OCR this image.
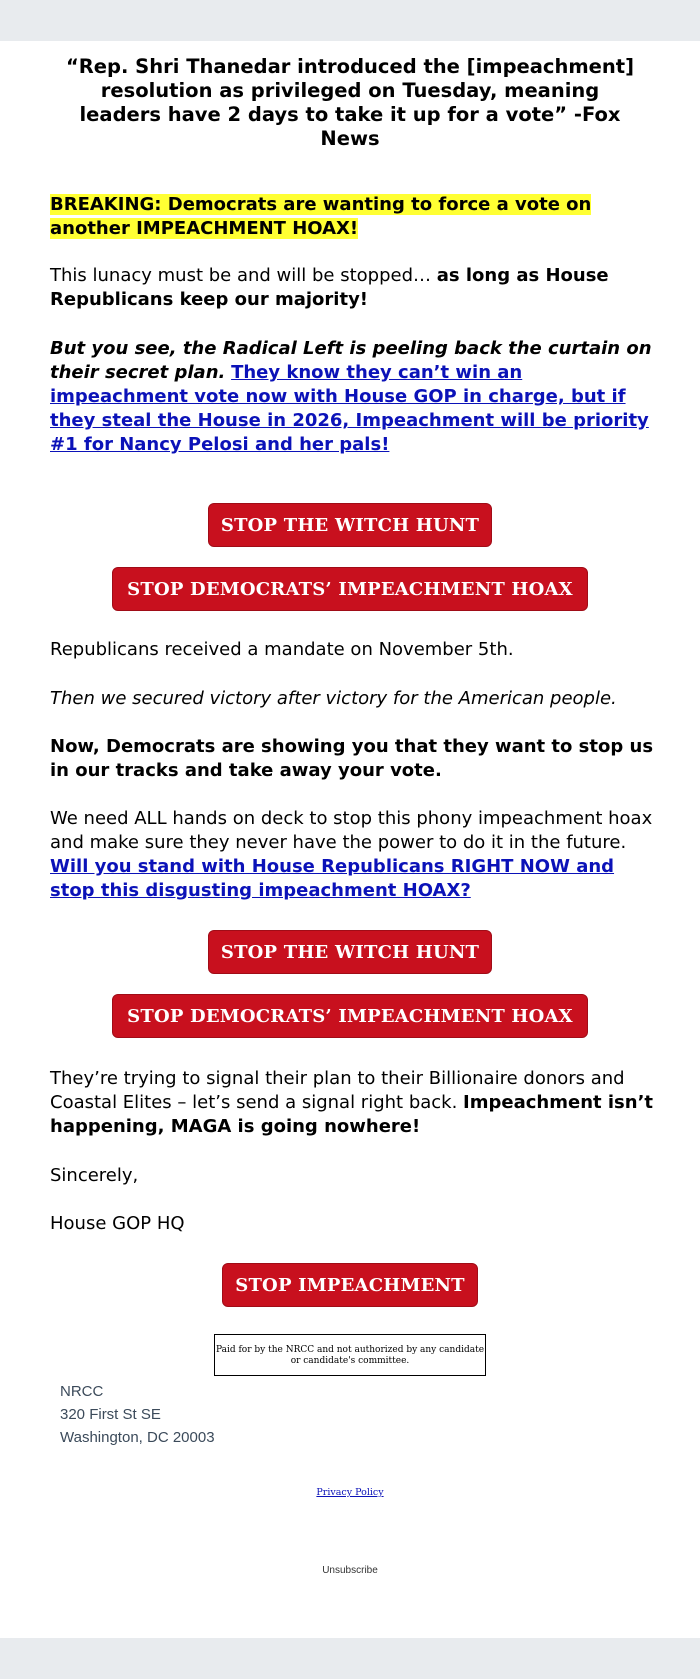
“Rep. Shri Thanedar introduced the [impeachment] resolution as privileged on Tuesday, meaning leaders have 2 days to take it up for a vote” -Fox News
BREAKING: Democrats are wanting to force a vote on another IMPEACHMENT HOAX!
This lunacy must be and will be stopped… as long as House Republicans keep our majority!
But you see, the Radical Left is peeling back the curtain on their secret plan. They know they can’t win an impeachment vote now with House GOP in charge, but if they steal the House in 2026, Impeachment will be priority #1 for Nancy Pelosi and her pals!
STOP THE WITCH HUNT
STOP DEMOCRATS’ IMPEACHMENT HOAX
Republicans received a mandate on November 5th.
Then we secured victory after victory for the American people.
Now, Democrats are showing you that they want to stop us in our tracks and take away your vote.
We need ALL hands on deck to stop this phony impeachment hoax and make sure they never have the power to do it in the future. Will you stand with House Republicans RIGHT NOW and stop this disgusting impeachment HOAX?
STOP THE WITCH HUNT
STOP DEMOCRATS’ IMPEACHMENT HOAX
They’re trying to signal their plan to their Billionaire donors and Coastal Elites – let’s send a signal right back. Impeachment isn’t happening, MAGA is going nowhere!
Sincerely,
House GOP HQ
STOP IMPEACHMENT
Paid for by the NRCC and not authorized by any candidate or candidate's committee.
NRCC
320 First St SE
Washington, DC 20003
Privacy Policy
Unsubscribe
